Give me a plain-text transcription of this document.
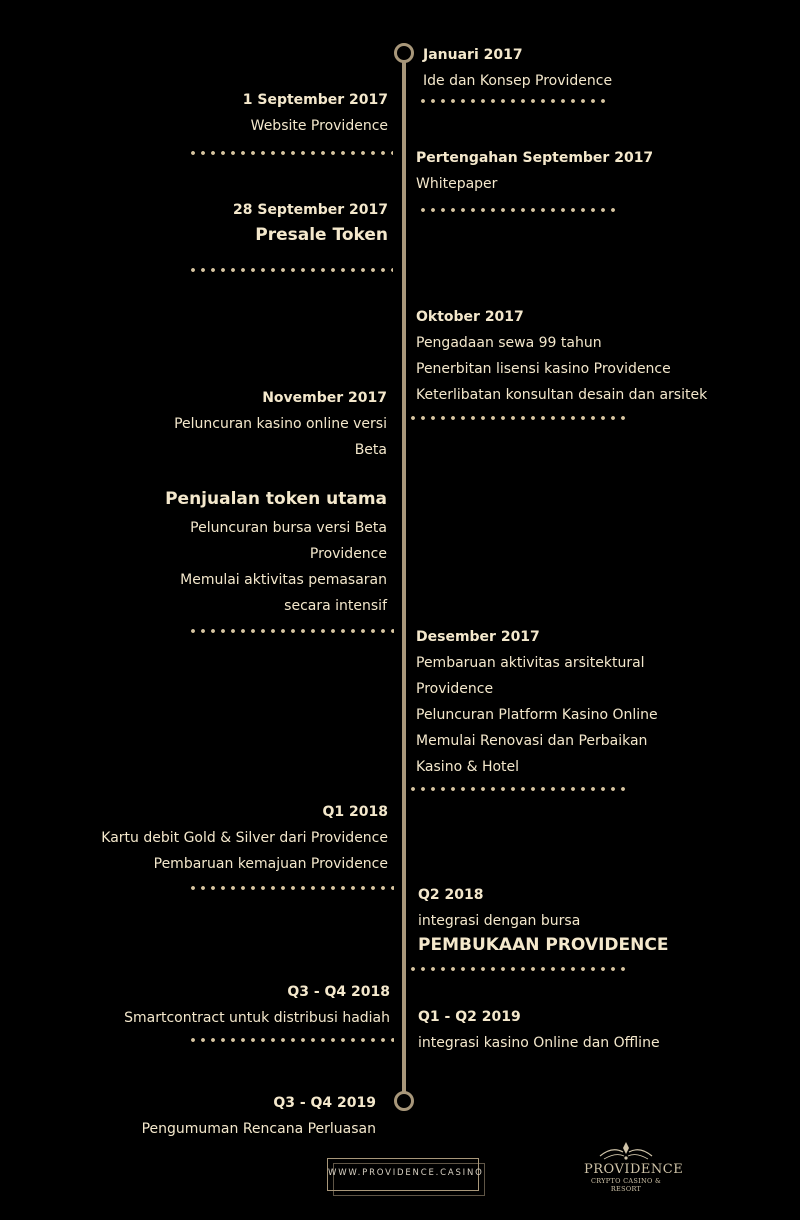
Januari 2017
Ide dan Konsep Providence
1 September 2017
Website Providence
Pertengahan September 2017
Whitepaper
28 September 2017
Presale Token
Oktober 2017
Pengadaan sewa 99 tahun
Penerbitan lisensi kasino Providence
Keterlibatan konsultan desain dan arsitek
November 2017
Peluncuran kasino online versi
Beta
Penjualan token utama
Peluncuran bursa versi Beta
Providence
Memulai aktivitas pemasaran
secara intensif
Desember 2017
Pembaruan aktivitas arsitektural
Providence
Peluncuran Platform Kasino Online
Memulai Renovasi dan Perbaikan
Kasino & Hotel
Q1 2018
Kartu debit Gold & Silver dari Providence
Pembaruan kemajuan Providence
Q2 2018
integrasi dengan bursa
PEMBUKAAN PROVIDENCE
Q3 - Q4 2018
Smartcontract untuk distribusi hadiah Q1 - Q2 2019
integrasi kasino Online dan Offline
Q3 - Q4 2019
Pengumuman Rencana Perluasan
WWW.PROVIDENCE.CASINO	PROVIDENCE
CRYPTO CASINO & RESORT
